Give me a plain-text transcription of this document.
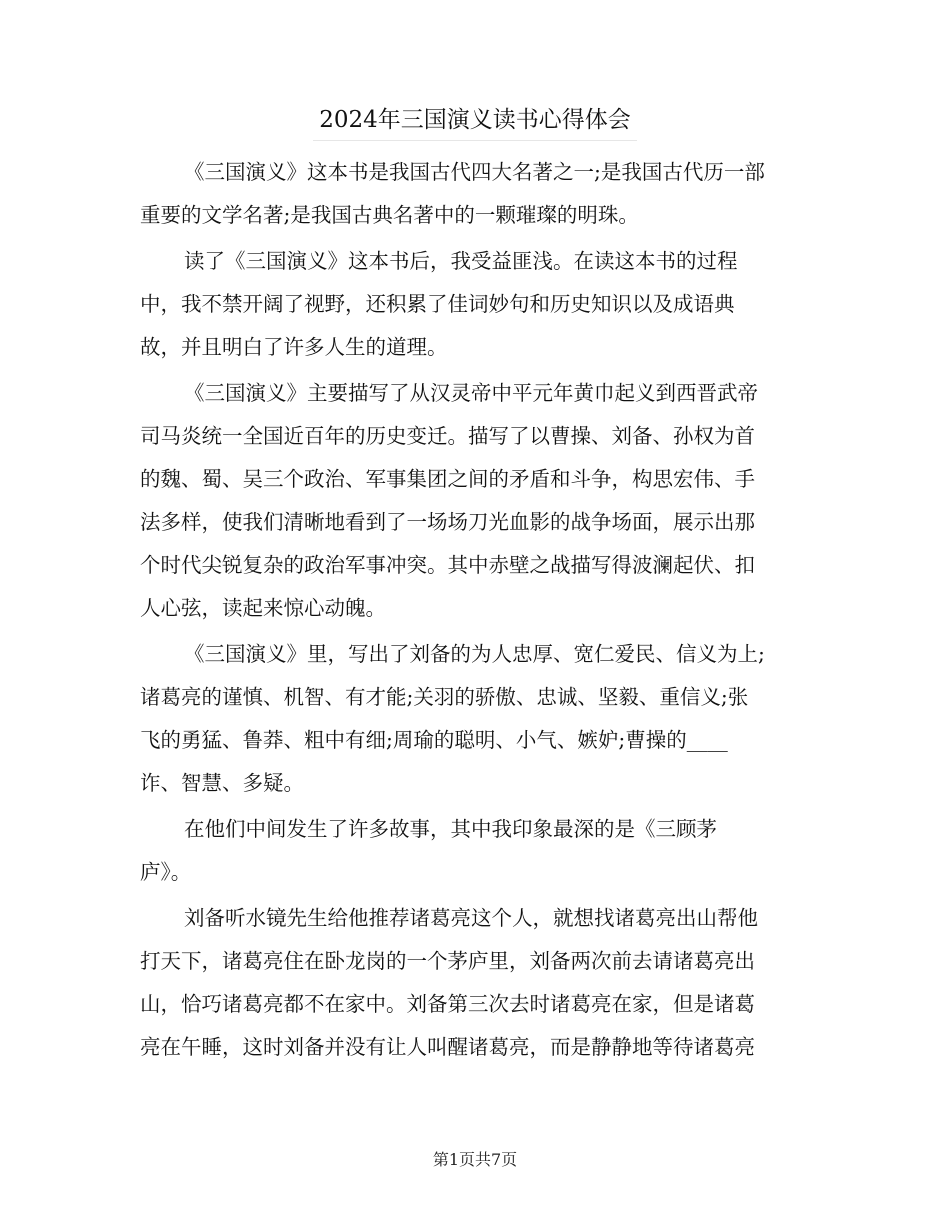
2024年三国演义读书心得体会
《三国演义》这本书是我国古代四大名著之一;是我国古代历一部
重要的文学名著;是我国古典名著中的一颗璀璨的明珠。
读了《三国演义》这本书后，我受益匪浅。在读这本书的过程
中，我不禁开阔了视野，还积累了佳词妙句和历史知识以及成语典
故，并且明白了许多人生的道理。
《三国演义》主要描写了从汉灵帝中平元年黄巾起义到西晋武帝
司马炎统一全国近百年的历史变迁。描写了以曹操、刘备、孙权为首
的魏、蜀、吴三个政治、军事集团之间的矛盾和斗争，构思宏伟、手
法多样，使我们清晰地看到了一场场刀光血影的战争场面，展示出那
个时代尖锐复杂的政治军事冲突。其中赤壁之战描写得波澜起伏、扣
人心弦，读起来惊心动魄。
《三国演义》里，写出了刘备的为人忠厚、宽仁爱民、信义为上;
诸葛亮的谨慎、机智、有才能;关羽的骄傲、忠诚、坚毅、重信义;张
飞的勇猛、鲁莽、粗中有细;周瑜的聪明、小气、嫉妒;曹操的____
诈、智慧、多疑。
在他们中间发生了许多故事，其中我印象最深的是《三顾茅
庐》。
刘备听水镜先生给他推荐诸葛亮这个人，就想找诸葛亮出山帮他
打天下，诸葛亮住在卧龙岗的一个茅庐里，刘备两次前去请诸葛亮出
山，恰巧诸葛亮都不在家中。刘备第三次去时诸葛亮在家，但是诸葛
亮在午睡，这时刘备并没有让人叫醒诸葛亮，而是静静地等待诸葛亮
第1页共7页
